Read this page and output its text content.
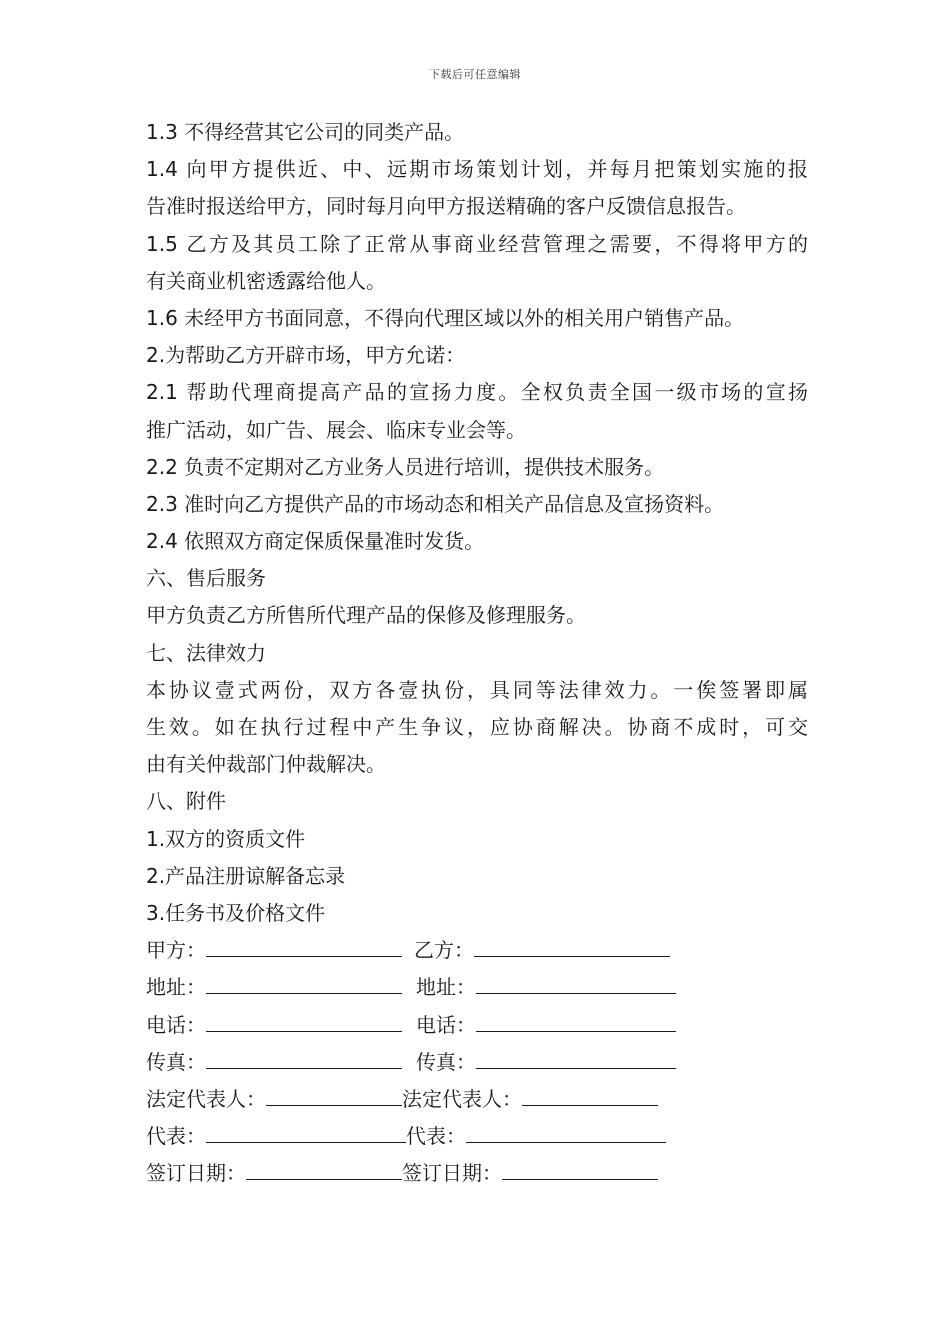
下载后可任意编辑
1.3 不得经营其它公司的同类产品。
1.4 向甲方提供近、中、远期市场策划计划，并每月把策划实施的报
告准时报送给甲方，同时每月向甲方报送精确的客户反馈信息报告。
1.5 乙方及其员工除了正常从事商业经营管理之需要，不得将甲方的
有关商业机密透露给他人。
1.6 未经甲方书面同意，不得向代理区域以外的相关用户销售产品。
2.为帮助乙方开辟市场，甲方允诺：
2.1 帮助代理商提高产品的宣扬力度。全权负责全国一级市场的宣扬
推广活动，如广告、展会、临床专业会等。
2.2 负责不定期对乙方业务人员进行培训，提供技术服务。
2.3 准时向乙方提供产品的市场动态和相关产品信息及宣扬资料。
2.4 依照双方商定保质保量准时发货。
六、售后服务
甲方负责乙方所售所代理产品的保修及修理服务。
七、法律效力
本协议壹式两份，双方各壹执份，具同等法律效力。一俟签署即属
生效。如在执行过程中产生争议，应协商解决。协商不成时，可交
由有关仲裁部门仲裁解决。
八、附件
1.双方的资质文件
2.产品注册谅解备忘录
3.任务书及价格文件
甲方：	乙方：
地址：	地址：
电话：	电话：
传真：	传真：
法定代表人：	法定代表人：
代表：	代表：
签订日期：	签订日期：
